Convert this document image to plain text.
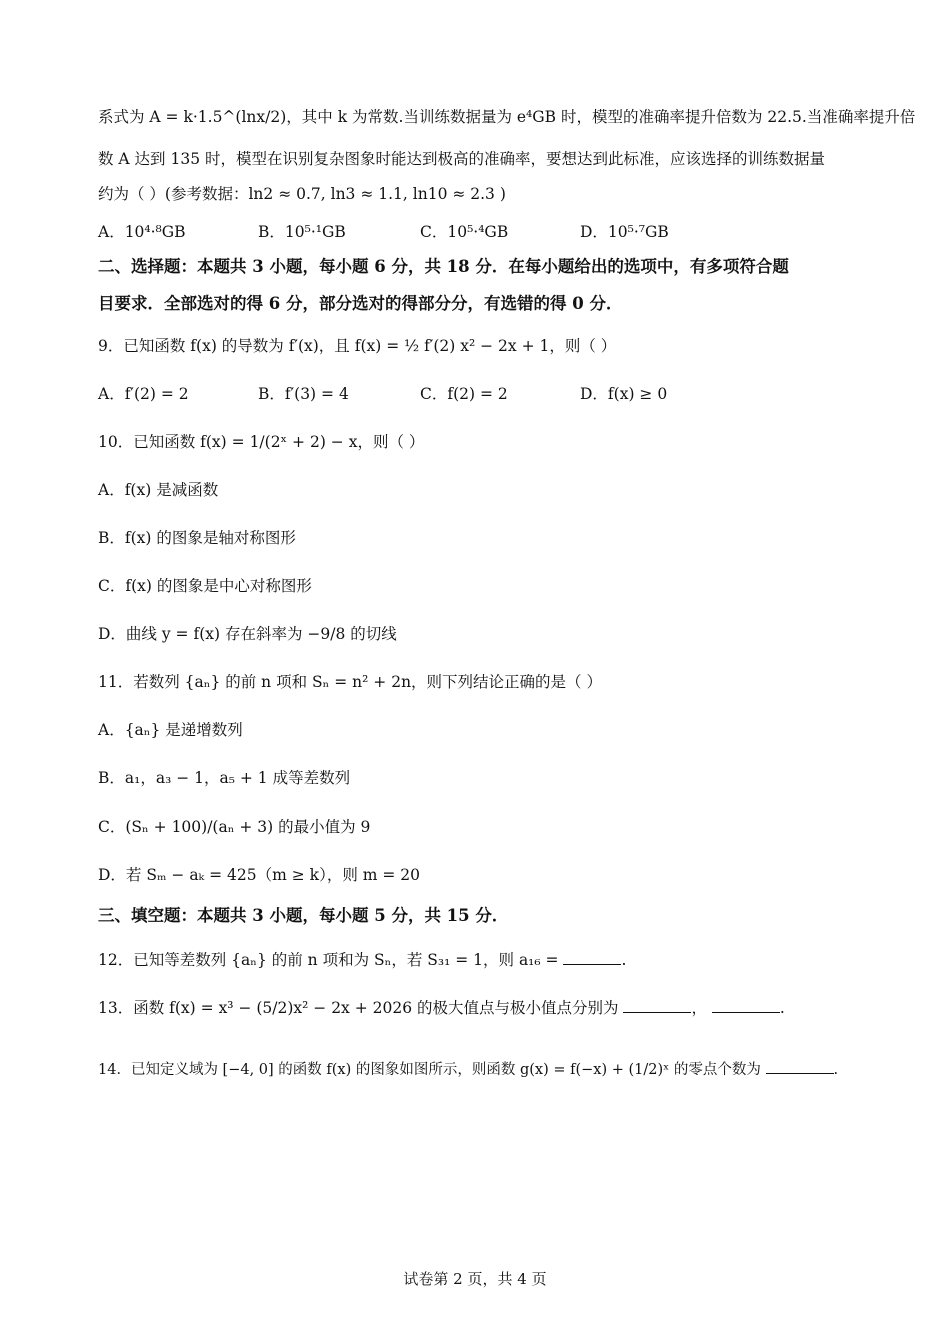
系式为 A = k·1.5^(lnx/2)，其中 k 为常数.当训练数据量为 e⁴GB 时，模型的准确率提升倍数为 22.5.当准确率提升倍
数 A 达到 135 时，模型在识别复杂图象时能达到极高的准确率，要想达到此标准，应该选择的训练数据量
约为（ ）(参考数据：ln2 ≈ 0.7, ln3 ≈ 1.1, ln10 ≈ 2.3 )
A．10⁴·⁸GB	B．10⁵·¹GB	C．10⁵·⁴GB	D．10⁵·⁷GB
二、选择题：本题共 3 小题，每小题 6 分，共 18 分．在每小题给出的选项中，有多项符合题
目要求．全部选对的得 6 分，部分选对的得部分分，有选错的得 0 分．
9．已知函数 f(x) 的导数为 f′(x)，且 f(x) = ½ f′(2) x² − 2x + 1，则（ ）
A．f′(2) = 2	B．f′(3) = 4	C．f(2) = 2	D．f(x) ≥ 0
10．已知函数 f(x) = 1/(2ˣ + 2) − x，则（ ）
A．f(x) 是减函数
B．f(x) 的图象是轴对称图形
C．f(x) 的图象是中心对称图形
D．曲线 y = f(x) 存在斜率为 −9/8 的切线
11．若数列 {aₙ} 的前 n 项和 Sₙ = n² + 2n，则下列结论正确的是（ ）
A．{aₙ} 是递增数列
B．a₁，a₃ − 1，a₅ + 1 成等差数列
C．(Sₙ + 100)/(aₙ + 3) 的最小值为 9
D．若 Sₘ − aₖ = 425（m ≥ k），则 m = 20
三、填空题：本题共 3 小题，每小题 5 分，共 15 分．
12．已知等差数列 {aₙ} 的前 n 项和为 Sₙ，若 S₃₁ = 1，则 a₁₆ =	.
13．函数 f(x) = x³ − (5/2)x² − 2x + 2026 的极大值点与极小值点分别为	，	.
14．已知定义域为 [−4, 0] 的函数 f(x) 的图象如图所示，则函数 g(x) = f(−x) + (1/2)ˣ 的零点个数为	.
试卷第 2 页，共 4 页
